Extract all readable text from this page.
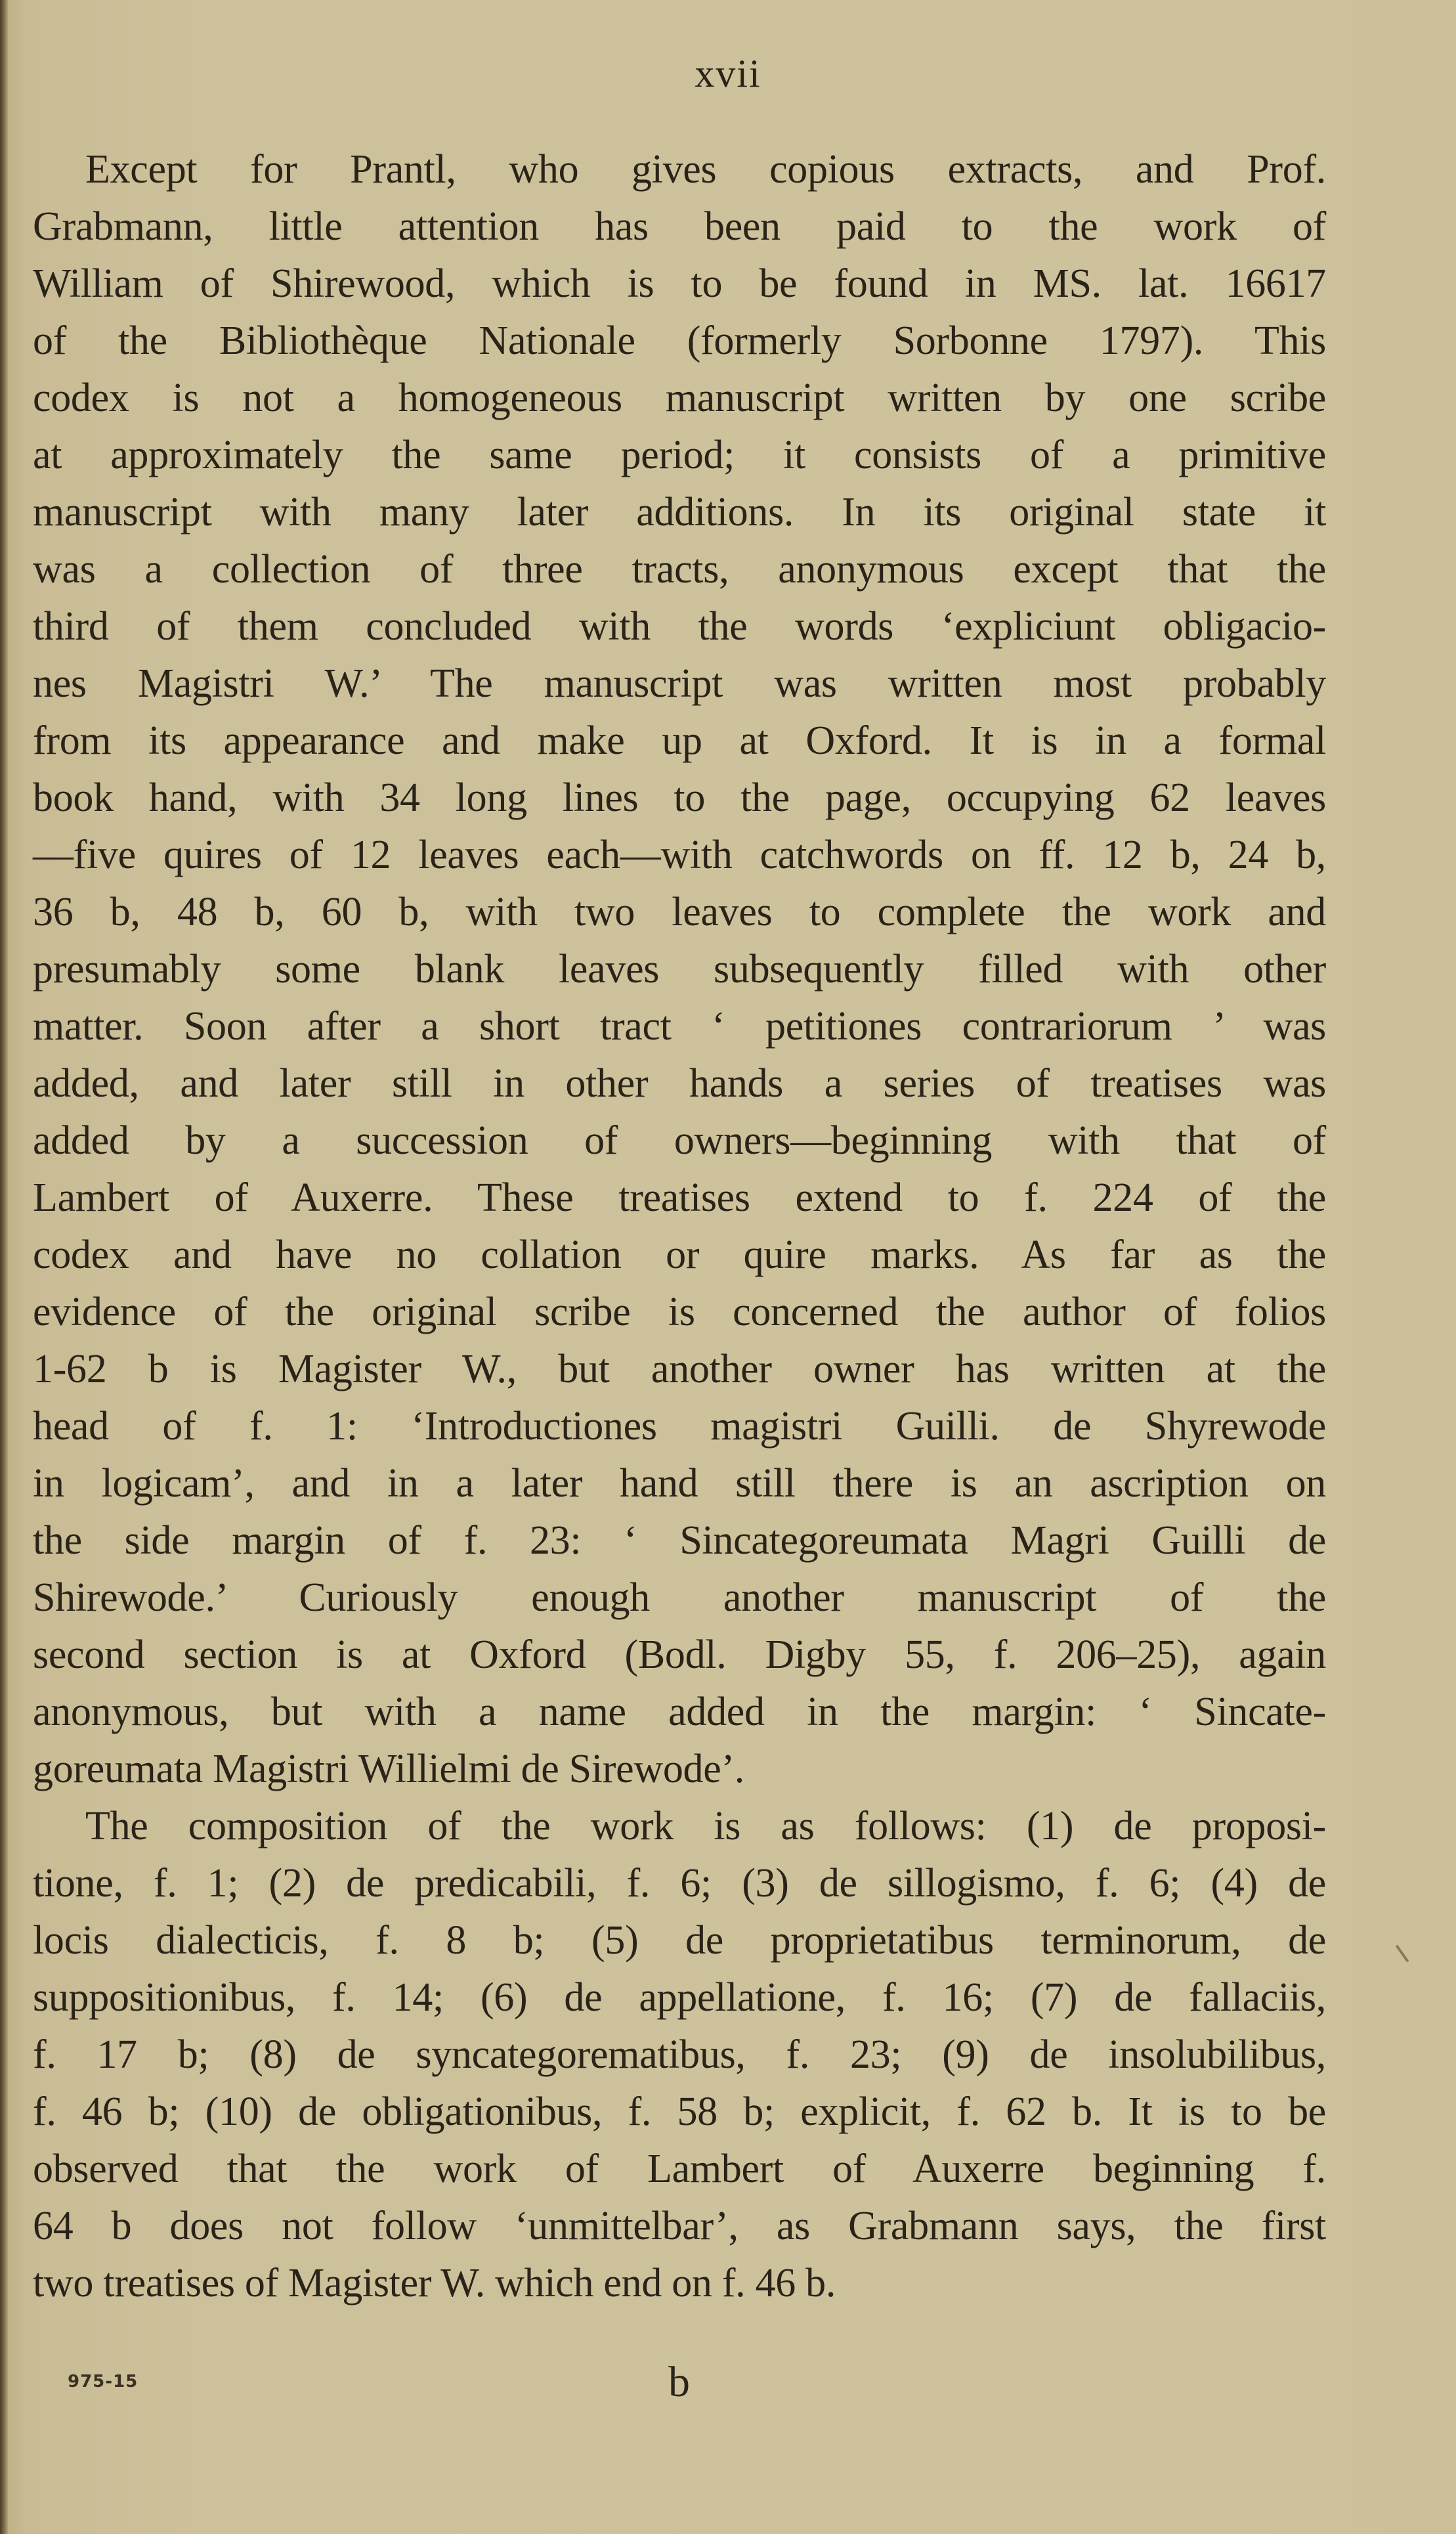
xvii
Except for Prantl, who gives copious extracts, and Prof.
Grabmann, little attention has been paid to the work of
William of Shirewood, which is to be found in MS. lat. 16617
of the Bibliothèque Nationale (formerly Sorbonne 1797). This
codex is not a homogeneous manuscript written by one scribe
at approximately the same period; it consists of a primitive
manuscript with many later additions. In its original state it
was a collection of three tracts, anonymous except that the
third of them concluded with the words ‘expliciunt obligacio-
nes Magistri W.’ The manuscript was written most probably
from its appearance and make up at Oxford. It is in a formal
book hand, with 34 long lines to the page, occupying 62 leaves
—five quires of 12 leaves each—with catchwords on ff. 12 b, 24 b,
36 b, 48 b, 60 b, with two leaves to complete the work and
presumably some blank leaves subsequently filled with other
matter. Soon after a short tract ‘ petitiones contrariorum ’ was
added, and later still in other hands a series of treatises was
added by a succession of owners—beginning with that of
Lambert of Auxerre. These treatises extend to f. 224 of the
codex and have no collation or quire marks. As far as the
evidence of the original scribe is concerned the author of folios
1-62 b is Magister W., but another owner has written at the
head of f. 1: ‘Introductiones magistri Guilli. de Shyrewode
in logicam’, and in a later hand still there is an ascription on
the side margin of f. 23: ‘ Sincategoreumata Magri Guilli de
Shirewode.’ Curiously enough another manuscript of the
second section is at Oxford (Bodl. Digby 55, f. 206–25), again
anonymous, but with a name added in the margin: ‘ Sincate-
goreumata Magistri Willielmi de Sirewode’.
The composition of the work is as follows: (1) de proposi-
tione, f. 1; (2) de predicabili, f. 6; (3) de sillogismo, f. 6; (4) de
locis dialecticis, f. 8 b; (5) de proprietatibus terminorum, de
suppositionibus, f. 14; (6) de appellatione, f. 16; (7) de fallaciis,
f. 17 b; (8) de syncategorematibus, f. 23; (9) de insolubilibus,
f. 46 b; (10) de obligationibus, f. 58 b; explicit, f. 62 b. It is to be
observed that the work of Lambert of Auxerre beginning f.
64 b does not follow ‘unmittelbar’, as Grabmann says, the first
two treatises of Magister W. which end on f. 46 b.
975-15	b
